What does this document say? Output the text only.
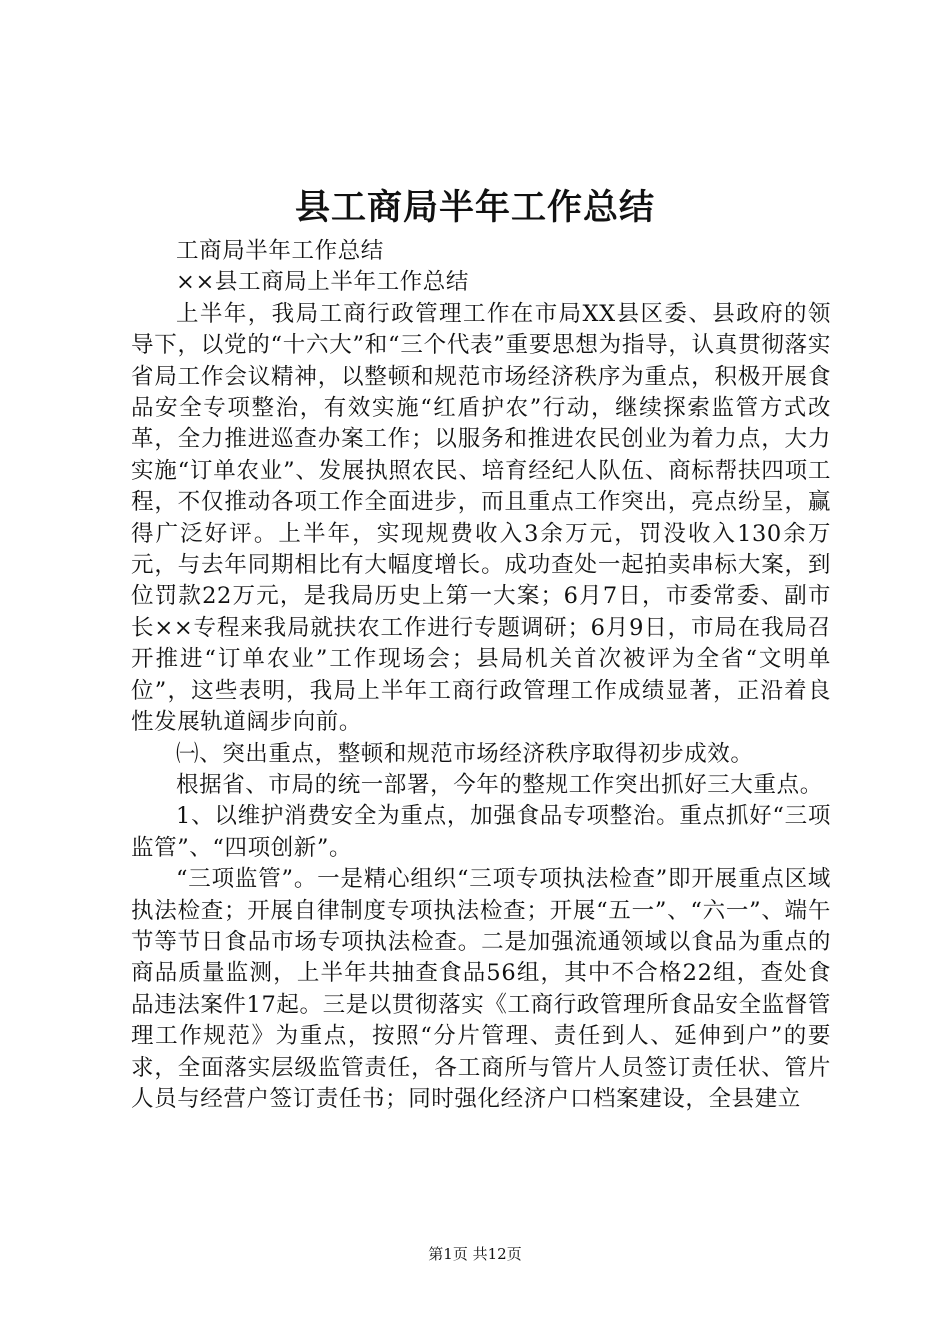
县工商局半年工作总结

工商局半年工作总结

××县工商局上半年工作总结

上半年，我局工商行政管理工作在市局XX县区委、县政府的领导下，以党的“十六大”和“三个代表”重要思想为指导，认真贯彻落实省局工作会议精神，以整顿和规范市场经济秩序为重点，积极开展食品安全专项整治，有效实施“红盾护农”行动，继续探索监管方式改革，全力推进巡查办案工作；以服务和推进农民创业为着力点，大力实施“订单农业”、发展执照农民、培育经纪人队伍、商标帮扶四项工程，不仅推动各项工作全面进步，而且重点工作突出，亮点纷呈，赢得广泛好评。上半年，实现规费收入3余万元，罚没收入130余万元，与去年同期相比有大幅度增长。成功查处一起拍卖串标大案，到位罚款22万元，是我局历史上第一大案；6月7日，市委常委、副市长××专程来我局就扶农工作进行专题调研；6月9日，市局在我局召开推进“订单农业”工作现场会；县局机关首次被评为全省“文明单位”，这些表明，我局上半年工商行政管理工作成绩显著，正沿着良性发展轨道阔步向前。

㈠、突出重点，整顿和规范市场经济秩序取得初步成效。

根据省、市局的统一部署，今年的整规工作突出抓好三大重点。

1、以维护消费安全为重点，加强食品专项整治。重点抓好“三项监管”、“四项创新”。

“三项监管”。一是精心组织“三项专项执法检查”即开展重点区域执法检查；开展自律制度专项执法检查；开展“五一”、“六一”、端午节等节日食品市场专项执法检查。二是加强流通领域以食品为重点的商品质量监测，上半年共抽查食品56组，其中不合格22组，查处食品违法案件17起。三是以贯彻落实《工商行政管理所食品安全监督管理工作规范》为重点，按照“分片管理、责任到人、延伸到户”的要求，全面落实层级监管责任，各工商所与管片人员签订责任状、管片人员与经营户签订责任书；同时强化经济户口档案建设，全县建立

第1页 共12页
